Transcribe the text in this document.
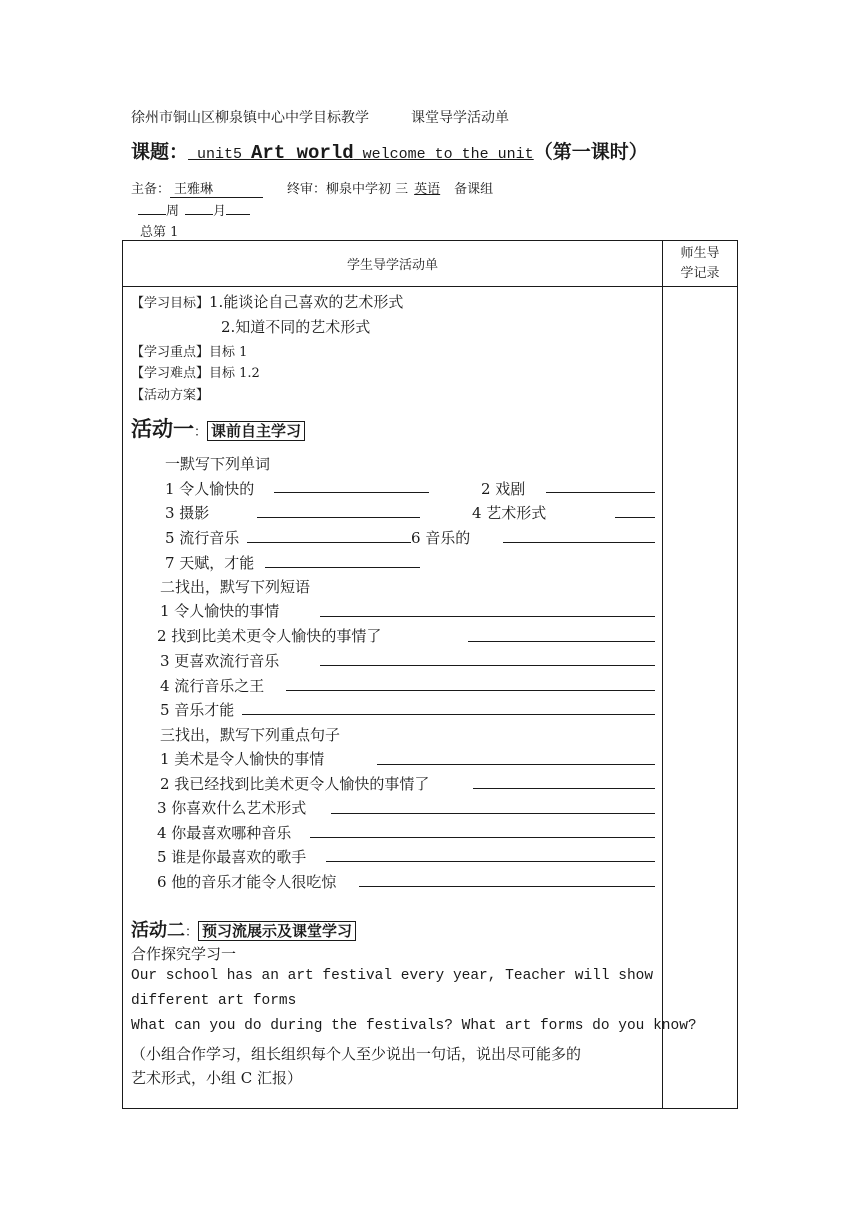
徐州市铜山区柳泉镇中心中学目标教学　　　课堂导学活动单
课题： unit5 Art world welcome to the unit（第一课时）
主备： 王雅琳	终审：柳泉中学初 三 英语 备课组
周	月
总第 1
学生导学活动单	师生导
学记录

【学习目标】1.能谈论自己喜欢的艺术形式
2.知道不同的艺术形式
【学习重点】目标 1
【学习难点】目标 1.2
【活动方案】
活动一： 课前自主学习
一默写下列单词
1 令人愉快的	2 戏剧
3 摄影	4 艺术形式
5 流行音乐	6 音乐的
7 天赋，才能
二找出，默写下列短语
1 令人愉快的事情
2 找到比美术更令人愉快的事情了
3 更喜欢流行音乐
4 流行音乐之王
5 音乐才能
三找出，默写下列重点句子
1 美术是令人愉快的事情
2 我已经找到比美术更令人愉快的事情了
3 你喜欢什么艺术形式
4 你最喜欢哪种音乐
5 谁是你最喜欢的歌手
6 他的音乐才能令人很吃惊
活动二： 预习流展示及课堂学习
合作探究学习一
Our school has an art festival every year, Teacher will show
different art forms
What can you do during the festivals? What art forms do you know?
（小组合作学习，组长组织每个人至少说出一句话，说出尽可能多的
艺术形式，小组 C 汇报）
